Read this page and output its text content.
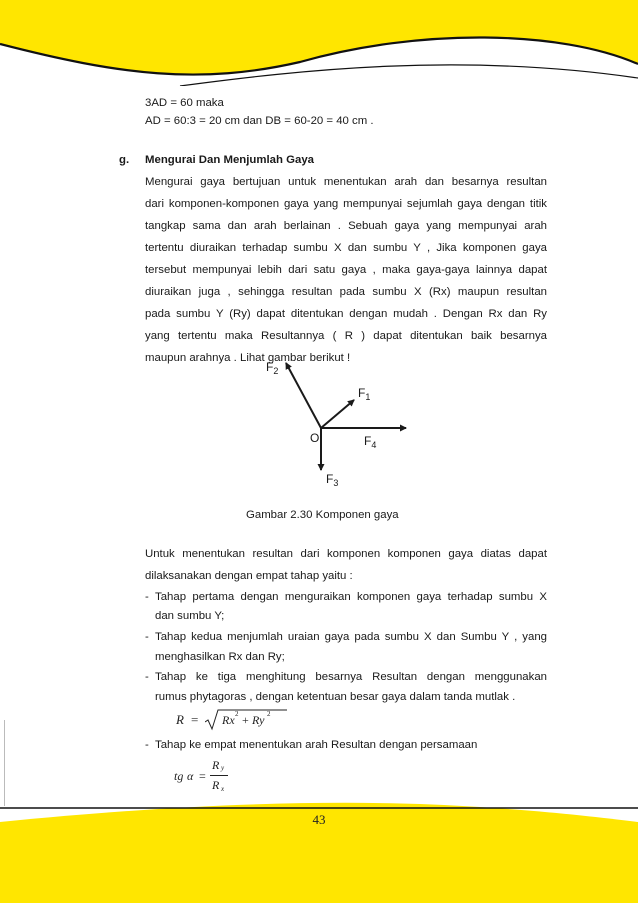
3AD = 60 maka
AD = 60:3 = 20 cm dan DB = 60-20 = 40 cm .
g. Mengurai Dan Menjumlah Gaya
Mengurai gaya bertujuan untuk menentukan arah dan besarnya resultan
dari komponen-komponen gaya yang mempunyai sejumlah gaya dengan titik
tangkap sama dan arah berlainan . Sebuah gaya yang mempunyai arah
tertentu diuraikan terhadap sumbu X dan sumbu Y , Jika komponen gaya
tersebut mempunyai lebih dari satu gaya , maka gaya-gaya lainnya dapat
diuraikan juga , sehingga resultan pada sumbu X (Rx) maupun resultan
pada sumbu Y (Ry) dapat ditentukan dengan mudah . Dengan Rx dan Ry
yang tertentu maka Resultannya ( R ) dapat ditentukan baik besarnya
maupun arahnya . Lihat gambar berikut !
$F_2$
$F_1$
$F_4$
$F_3$
O
Gambar 2.30 Komponen gaya
Untuk menentukan resultan dari komponen komponen gaya diatas dapat
dilaksanakan dengan empat tahap yaitu :
- Tahap pertama dengan menguraikan komponen gaya terhadap sumbu X
dan sumbu Y;
- Tahap kedua menjumlah uraian gaya pada sumbu X dan Sumbu Y , yang
menghasilkan Rx dan Ry;
- Tahap ke tiga menghitung besarnya Resultan dengan menggunakan
rumus phytagoras , dengan ketentuan besar gaya dalam tanda mutlak .
R = Rx 2 + Ry 2
- Tahap ke empat menentukan arah Resultan dengan persamaan
tg α =
R y
R x
43
